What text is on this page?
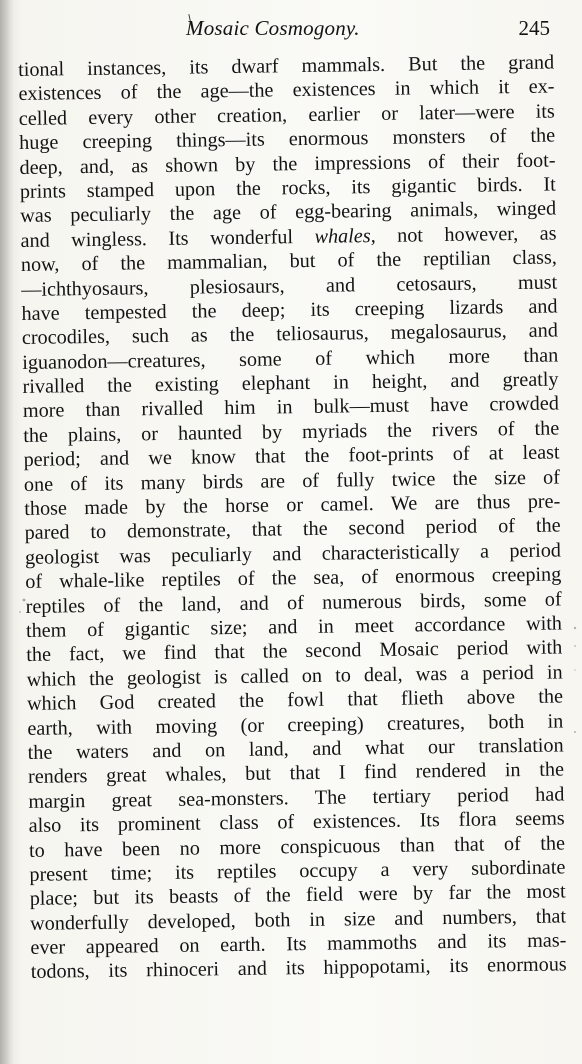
Mosaic Cosmogony.	245
tional instances, its dwarf mammals. But the grand
existences of the age—the existences in which it ex-
celled every other creation, earlier or later—were its
huge creeping things—its enormous monsters of the
deep, and, as shown by the impressions of their foot-
prints stamped upon the rocks, its gigantic birds. It
was peculiarly the age of egg-bearing animals, winged
and wingless. Its wonderful whales, not however, as
now, of the mammalian, but of the reptilian class,
—ichthyosaurs, plesiosaurs, and cetosaurs, must
have tempested the deep; its creeping lizards and
crocodiles, such as the teliosaurus, megalosaurus, and
iguanodon—creatures, some of which more than
rivalled the existing elephant in height, and greatly
more than rivalled him in bulk—must have crowded
the plains, or haunted by myriads the rivers of the
period; and we know that the foot-prints of at least
one of its many birds are of fully twice the size of
those made by the horse or camel. We are thus pre-
pared to demonstrate, that the second period of the
geologist was peculiarly and characteristically a period
of whale-like reptiles of the sea, of enormous creeping
reptiles of the land, and of numerous birds, some of
them of gigantic size; and in meet accordance with
the fact, we find that the second Mosaic period with
which the geologist is called on to deal, was a period in
which God created the fowl that flieth above the
earth, with moving (or creeping) creatures, both in
the waters and on land, and what our translation
renders great whales, but that I find rendered in the
margin great sea-monsters. The tertiary period had
also its prominent class of existences. Its flora seems
to have been no more conspicuous than that of the
present time; its reptiles occupy a very subordinate
place; but its beasts of the field were by far the most
wonderfully developed, both in size and numbers, that
ever appeared on earth. Its mammoths and its mas-
todons, its rhinoceri and its hippopotami, its enormous
